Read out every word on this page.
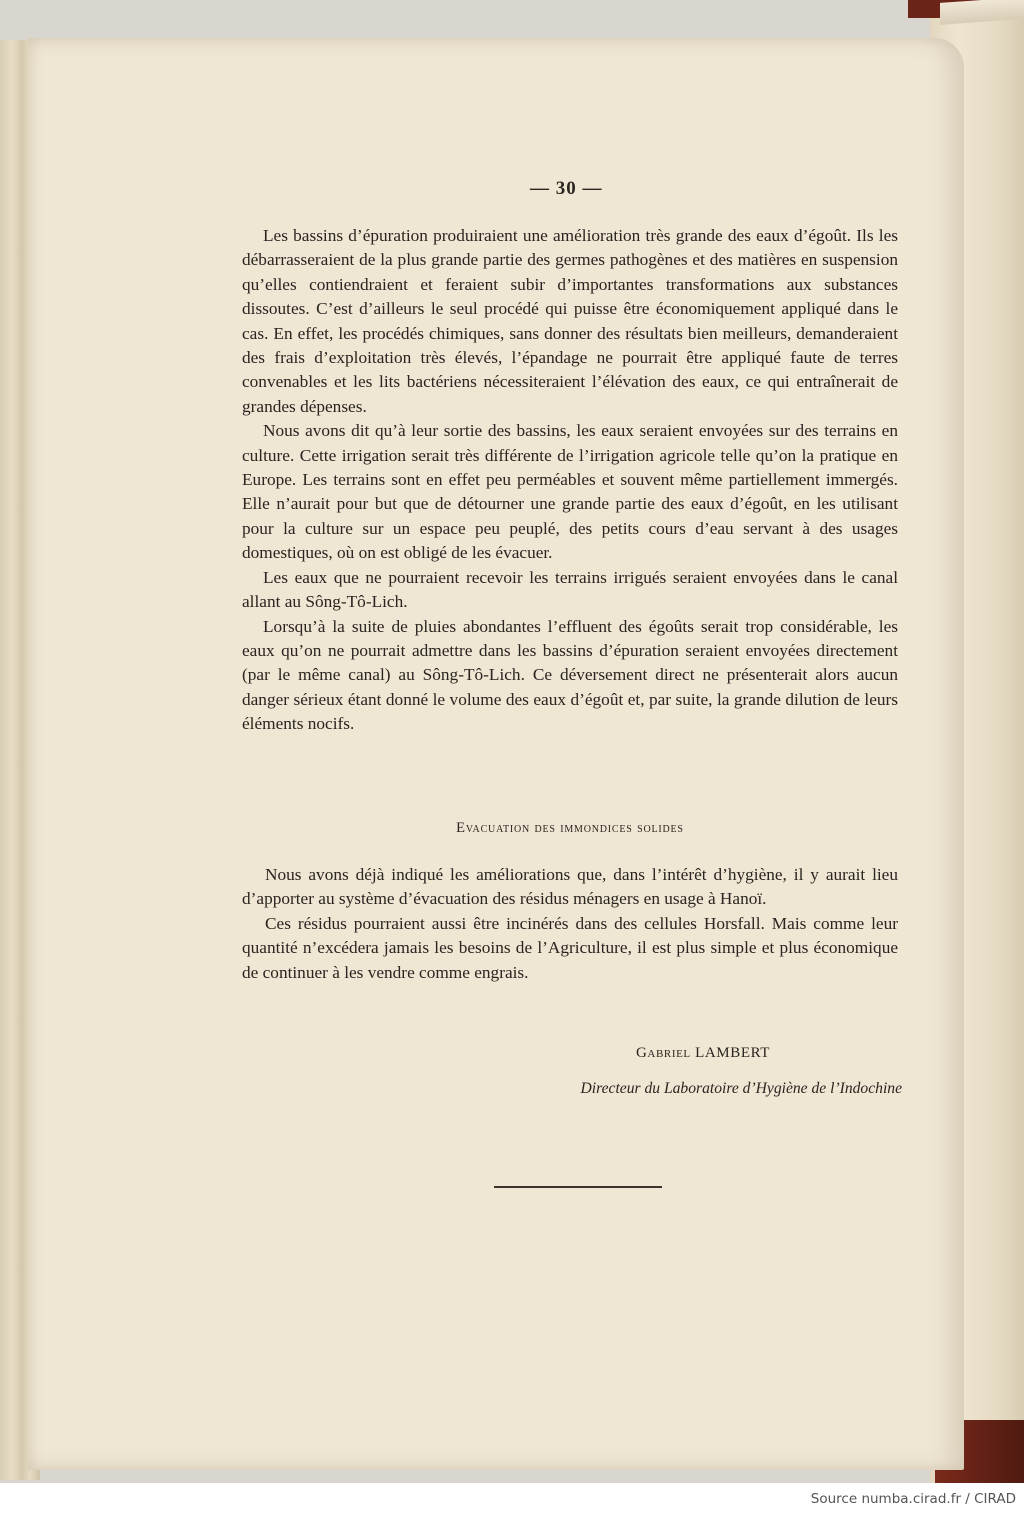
— 30 —

Les bassins d’épuration produiraient une amélioration très grande des eaux d’égoût. Ils les débarrasseraient de la plus grande partie des germes pathogènes et des matières en suspension qu’elles contiendraient et feraient subir d’importantes transformations aux substances dissoutes. C’est d’ailleurs le seul procédé qui puisse être économiquement appliqué dans le cas. En effet, les procédés chimiques, sans donner des résultats bien meilleurs, demanderaient des frais d’exploitation très élevés, l’épandage ne pourrait être appliqué faute de terres convenables et les lits bactériens nécessiteraient l’élévation des eaux, ce qui entraînerait de grandes dépenses.

Nous avons dit qu’à leur sortie des bassins, les eaux seraient envoyées sur des terrains en culture. Cette irrigation serait très différente de l’irrigation agricole telle qu’on la pratique en Europe. Les terrains sont en effet peu perméables et souvent même partiellement immergés. Elle n’aurait pour but que de détourner une grande partie des eaux d’égoût, en les utilisant pour la culture sur un espace peu peuplé, des petits cours d’eau servant à des usages domestiques, où on est obligé de les évacuer.

Les eaux que ne pourraient recevoir les terrains irrigués seraient envoyées dans le canal allant au Sông-Tô-Lich.

Lorsqu’à la suite de pluies abondantes l’effluent des égoûts serait trop considérable, les eaux qu’on ne pourrait admettre dans les bassins d’épuration seraient envoyées directement (par le même canal) au Sông-Tô-Lich. Ce déversement direct ne présenterait alors aucun danger sérieux étant donné le volume des eaux d’égoût et, par suite, la grande dilution de leurs éléments nocifs.

Evacuation des immondices solides

Nous avons déjà indiqué les améliorations que, dans l’intérêt d’hygiène, il y aurait lieu d’apporter au système d’évacuation des résidus ménagers en usage à Hanoï.

Ces résidus pourraient aussi être incinérés dans des cellules Horsfall. Mais comme leur quantité n’excédera jamais les besoins de l’Agriculture, il est plus simple et plus économique de continuer à les vendre comme engrais.

Gabriel LAMBERT
Directeur du Laboratoire d’Hygiène de l’Indochine
Source numba.cirad.fr / CIRAD
